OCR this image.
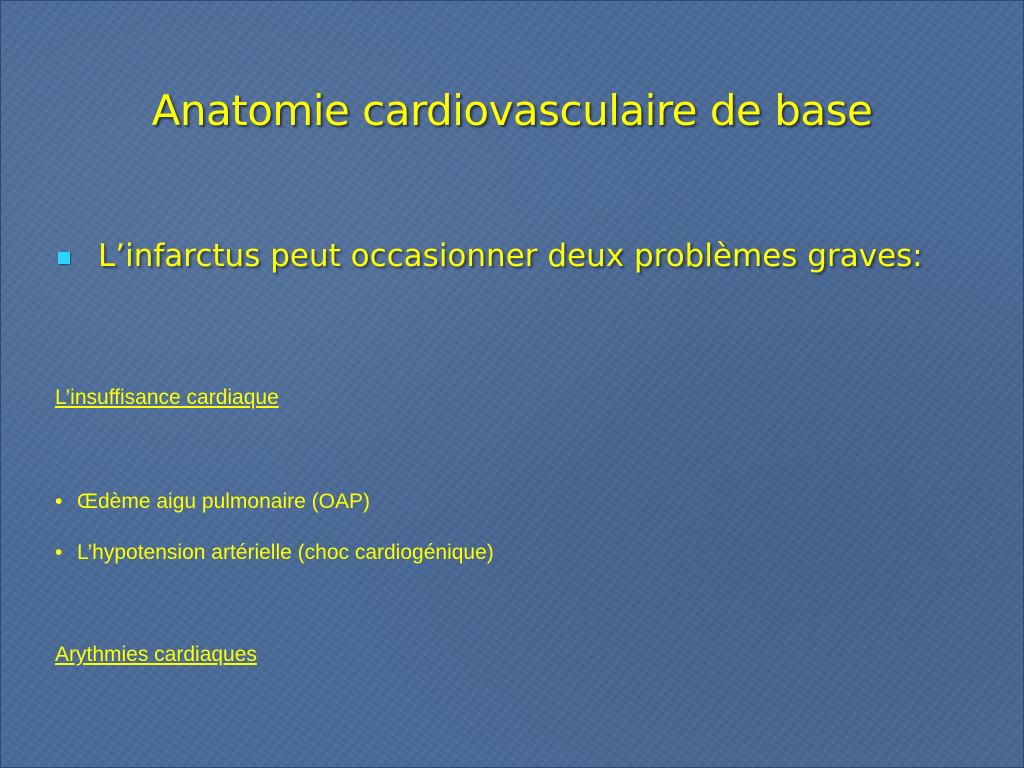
Anatomie cardiovasculaire de base
L’infarctus peut occasionner deux problèmes graves:
L’insuffisance cardiaque
• Œdème aigu pulmonaire (OAP)
• L’hypotension artérielle (choc cardiogénique)
Arythmies cardiaques
